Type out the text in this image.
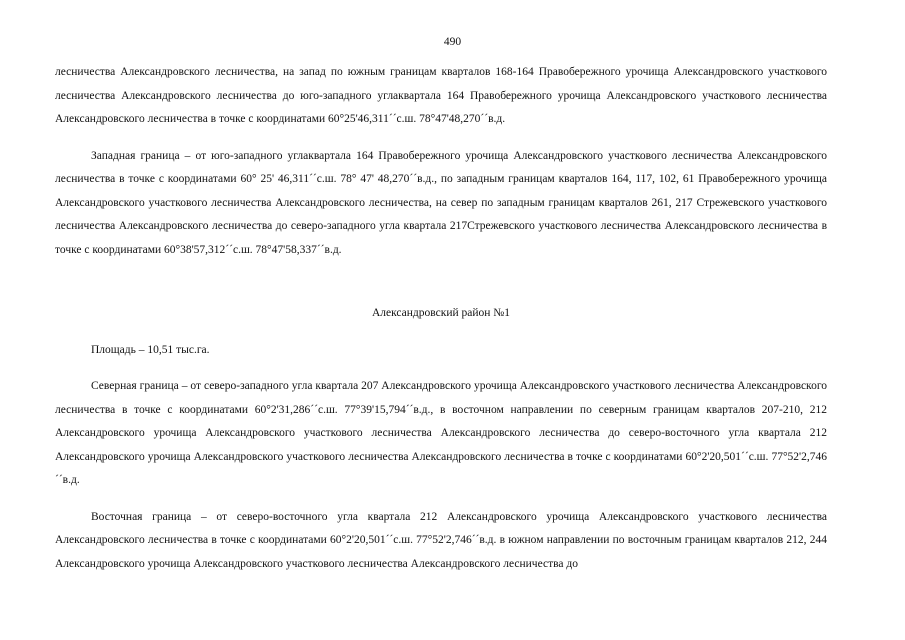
490

лесничества Александровского лесничества, на запад по южным границам кварталов 168-164 Правобережного урочища Александровского участкового лесничества Александровского лесничества до юго-западного углаквартала 164 Правобережного урочища Александровского участкового лесничества Александровского лесничества в точке с координатами 60°25'46,311´´с.ш. 78°47'48,270´´в.д.

Западная граница – от юго-западного углаквартала 164 Правобережного урочища Александровского участкового лесничества Александровского лесничества в точке с координатами 60° 25' 46,311´´с.ш. 78° 47' 48,270´´в.д., по западным границам кварталов 164, 117, 102, 61 Правобережного урочища Александровского участкового лесничества Александровского лесничества, на север по западным границам кварталов 261, 217 Стрежевского участкового лесничества Александровского лесничества до северо-западного угла квартала 217Стрежевского участкового лесничества Александровского лесничества в точке с координатами 60°38'57,312´´с.ш. 78°47'58,337´´в.д.

Александровский район №1

Площадь – 10,51 тыс.га.

Северная граница – от северо-западного угла квартала 207 Александровского урочища Александровского участкового лесничества Александровского лесничества в точке с координатами 60°2'31,286´´с.ш. 77°39'15,794´´в.д., в восточном направлении по северным границам кварталов 207-210, 212 Александровского урочища Александровского участкового лесничества Александровского лесничества до северо-восточного угла квартала 212 Александровского урочища Александровского участкового лесничества Александровского лесничества в точке с координатами 60°2'20,501´´с.ш. 77°52'2,746´´в.д.

Восточная граница – от северо-восточного угла квартала 212 Александровского урочища Александровского участкового лесничества Александровского лесничества в точке с координатами 60°2'20,501´´с.ш. 77°52'2,746´´в.д. в южном направлении по восточным границам кварталов 212, 244 Александровского урочища Александровского участкового лесничества Александровского лесничества до
